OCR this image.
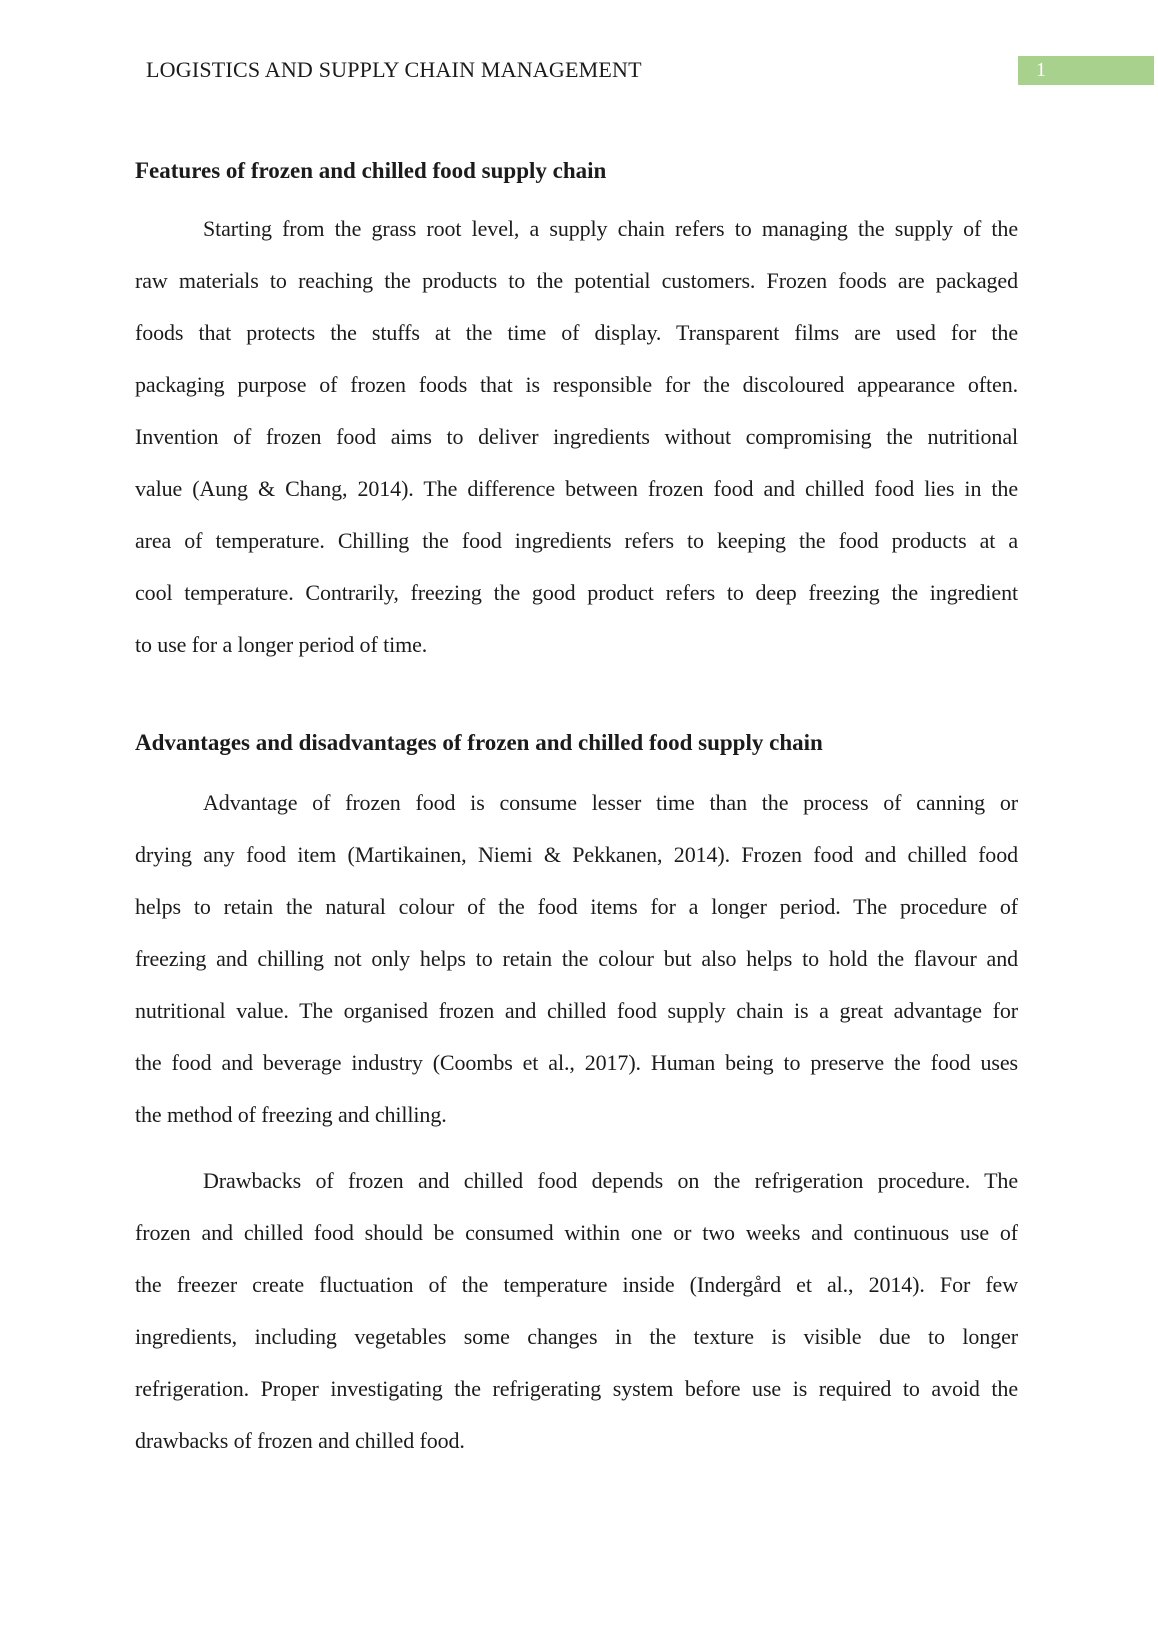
LOGISTICS AND SUPPLY CHAIN MANAGEMENT	1
Features of frozen and chilled food supply chain
Starting from the grass root level, a supply chain refers to managing the supply of the
raw materials to reaching the products to the potential customers. Frozen foods are packaged
foods that protects the stuffs at the time of display. Transparent films are used for the
packaging purpose of frozen foods that is responsible for the discoloured appearance often.
Invention of frozen food aims to deliver ingredients without compromising the nutritional
value (Aung & Chang, 2014). The difference between frozen food and chilled food lies in the
area of temperature. Chilling the food ingredients refers to keeping the food products at a
cool temperature. Contrarily, freezing the good product refers to deep freezing the ingredient
to use for a longer period of time.
Advantages and disadvantages of frozen and chilled food supply chain
Advantage of frozen food is consume lesser time than the process of canning or
drying any food item (Martikainen, Niemi & Pekkanen, 2014). Frozen food and chilled food
helps to retain the natural colour of the food items for a longer period. The procedure of
freezing and chilling not only helps to retain the colour but also helps to hold the flavour and
nutritional value. The organised frozen and chilled food supply chain is a great advantage for
the food and beverage industry (Coombs et al., 2017). Human being to preserve the food uses
the method of freezing and chilling.
Drawbacks of frozen and chilled food depends on the refrigeration procedure. The
frozen and chilled food should be consumed within one or two weeks and continuous use of
the freezer create fluctuation of the temperature inside (Indergård et al., 2014). For few
ingredients, including vegetables some changes in the texture is visible due to longer
refrigeration. Proper investigating the refrigerating system before use is required to avoid the
drawbacks of frozen and chilled food.
